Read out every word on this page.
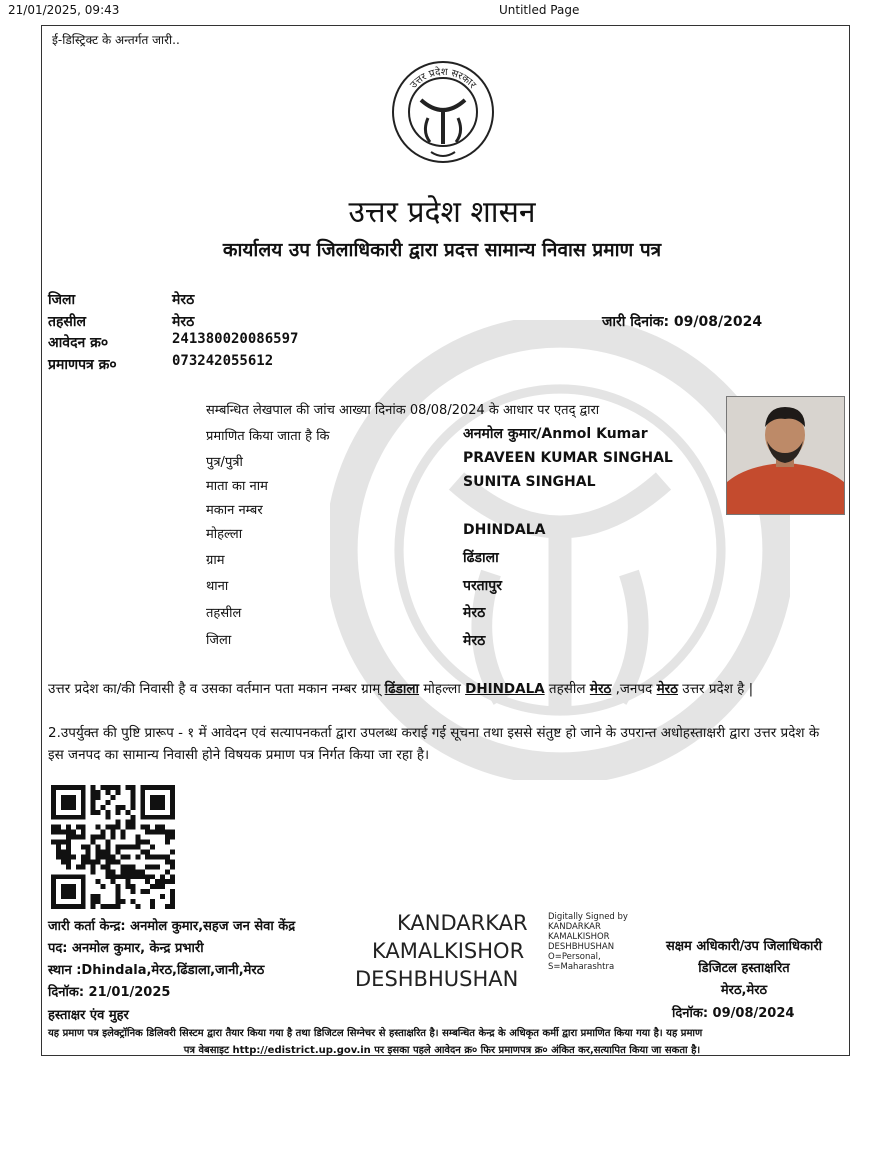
21/01/2025, 09:43	Untitled Page
ई-डिस्ट्रिक्ट के अन्तर्गत जारी..
उत्तर प्रदेश सरकार
उत्तर प्रदेश शासन
कार्यालय उप जिलाधिकारी द्वारा प्रदत्त सामान्य निवास प्रमाण पत्र
जिला	मेरठ
तहसील	मेरठ
आवेदन क्र०	241380020086597
प्रमाणपत्र क्र०	073242055612
जारी दिनांक: 09/08/2024
सम्बन्धित लेखपाल की जांच आख्या दिनांक 08/08/2024 के आधार पर एतद् द्वारा
प्रमाणित किया जाता है कि	अनमोल कुमार/Anmol Kumar
पुत्र/पुत्री	PRAVEEN KUMAR SINGHAL
माता का नाम	SUNITA SINGHAL
मकान नम्बर
मोहल्ला	DHINDALA
ग्राम	ढिंडाला
थाना	परतापुर
तहसील	मेरठ
जिला	मेरठ
उत्तर प्रदेश का/की निवासी है व उसका वर्तमान पता मकान नम्बर ग्राम् ढिंडाला मोहल्ला DHINDALA तहसील मेरठ ,जनपद मेरठ उत्तर प्रदेश है |
2.उपर्युक्त की पुष्टि प्रारूप - १ में आवेदन एवं सत्यापनकर्ता द्वारा उपलब्ध कराई गई सूचना तथा इससे संतुष्ट हो जाने के उपरान्त अधोहस्ताक्षरी द्वारा उत्तर प्रदेश के इस जनपद का सामान्य निवासी होने विषयक प्रमाण पत्र निर्गत किया जा रहा है।
जारी कर्ता केन्द्र: अनमोल कुमार,सहज जन सेवा केंद्र
पद: अनमोल कुमार, केन्द्र प्रभारी
स्थान :Dhindala,मेरठ,ढिंडाला,जानी,मेरठ
दिनॉक: 21/01/2025
हस्ताक्षर एंव मुहर
KANDARKAR
KAMALKISHOR
DESHBHUSHAN
Digitally Signed by
KANDARKAR
KAMALKISHOR
DESHBHUSHAN
O=Personal,
S=Maharashtra
सक्षम अधिकारी/उप जिलाधिकारी
डिजिटल हस्ताक्षरित
मेरठ,मेरठ
दिनॉक: 09/08/2024
यह प्रमाण पत्र इलेक्ट्रॉनिक डिलिवरी सिस्टम द्वारा तैयार किया गया है तथा डिजिटल सिग्नेचर से हस्ताक्षरित है। सम्बन्धित केन्द्र के अधिकृत कर्मी द्वारा प्रमाणित किया गया है। यह प्रमाण
पत्र वेबसाइट http://edistrict.up.gov.in पर इसका पहले आवेदन क्र० फिर प्रमाणपत्र क्र० अंकित कर,सत्यापित किया जा सकता है।
